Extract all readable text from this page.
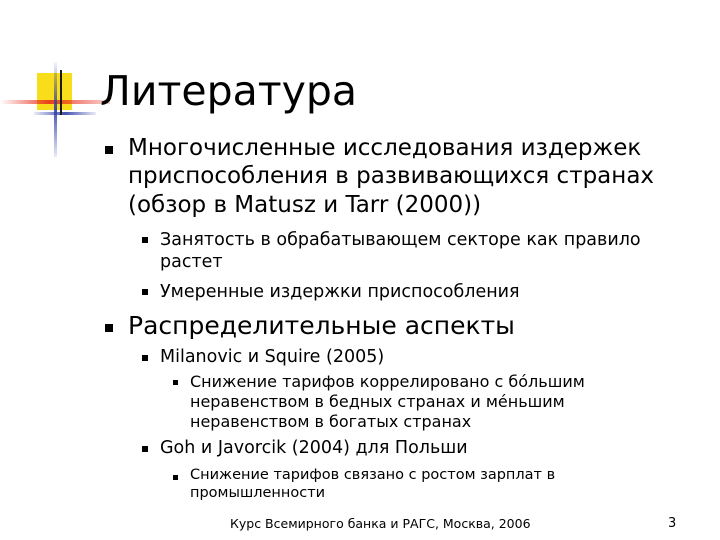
Литература
Многочисленные исследования издержек
приспособления в развивающихся странах
(обзор в Matusz и Tarr (2000))
Занятость в обрабатывающем секторе как правило
растет
Умеренные издержки приспособления
Распределительные аспекты
Milanovic и Squire (2005)
Снижение тарифов коррелировано с бóльшим
неравенством в бедных странах и мéньшим
неравенством в богатых странах
Goh и Javorcik (2004) для Польши
Снижение тарифов связано с ростом зарплат в
промышленности
Курс Всемирного банка и РАГС, Москва, 2006	3
